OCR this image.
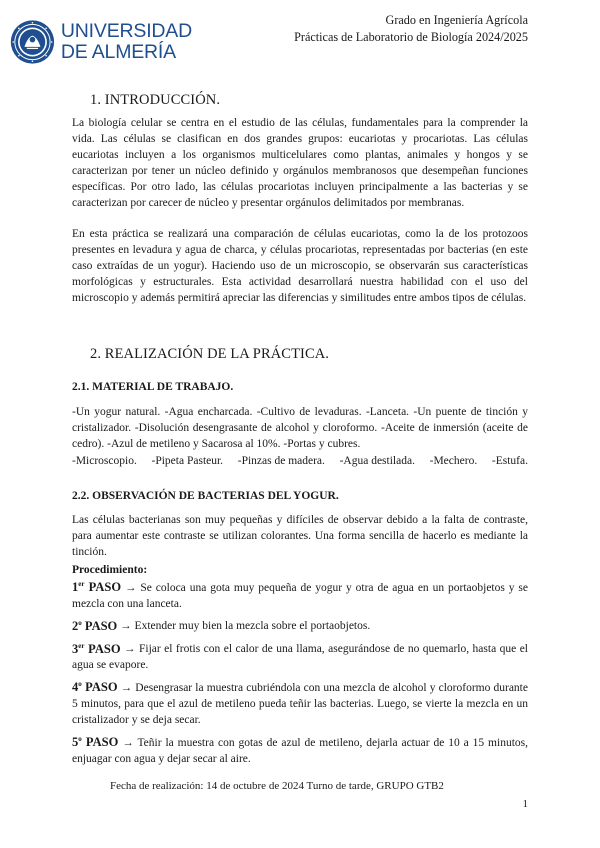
UNIVERSIDAD
DE ALMERÍA
Grado en Ingeniería Agrícola
Prácticas de Laboratorio de Biología 2024/2025
1. INTRODUCCIÓN.

La biología celular se centra en el estudio de las células, fundamentales para la comprender la vida. Las células se clasifican en dos grandes grupos: eucariotas y procariotas. Las células eucariotas incluyen a los organismos multicelulares como plantas, animales y hongos y se caracterizan por tener un núcleo definido y orgánulos membranosos que desempeñan funciones específicas. Por otro lado, las células procariotas incluyen principalmente a las bacterias y se caracterizan por carecer de núcleo y presentar orgánulos delimitados por membranas.

En esta práctica se realizará una comparación de células eucariotas, como la de los protozoos presentes en levadura y agua de charca, y células procariotas, representadas por bacterias (en este caso extraídas de un yogur). Haciendo uso de un microscopio, se observarán sus características morfológicas y estructurales. Esta actividad desarrollará nuestra habilidad con el uso del microscopio y además permitirá apreciar las diferencias y similitudes entre ambos tipos de células.

2. REALIZACIÓN DE LA PRÁCTICA.
2.1. MATERIAL DE TRABAJO.

-Un yogur natural. -Agua encharcada. -Cultivo de levaduras. -Lanceta. -Un puente de tinción y cristalizador. -Disolución desengrasante de alcohol y cloroformo. -Aceite de inmersión (aceite de cedro). -Azul de metileno y Sacarosa al 10%. -Portas y cubres.

-Microscopio. -Pipeta Pasteur. -Pinzas de madera. -Agua destilada. -Mechero. -Estufa.
2.2. OBSERVACIÓN DE BACTERIAS DEL YOGUR.

Las células bacterianas son muy pequeñas y difíciles de observar debido a la falta de contraste, para aumentar este contraste se utilizan colorantes. Una forma sencilla de hacerlo es mediante la tinción.

Procedimiento:
1er PASO → Se coloca una gota muy pequeña de yogur y otra de agua en un portaobjetos y se mezcla con una lanceta.
2$^o$ PASO → Extender muy bien la mezcla sobre el portaobjetos.
3er PASO → Fijar el frotis con el calor de una llama, asegurándose de no quemarlo, hasta que el agua se evapore.
4$^o$ PASO → Desengrasar la muestra cubriéndola con una mezcla de alcohol y cloroformo durante 5 minutos, para que el azul de metileno pueda teñir las bacterias. Luego, se vierte la mezcla en un cristalizador y se deja secar.
5$^o$ PASO → Teñir la muestra con gotas de azul de metileno, dejarla actuar de 10 a 15 minutos, enjuagar con agua y dejar secar al aire.
Fecha de realización: 14 de octubre de 2024 Turno de tarde, GRUPO GTB2
1
